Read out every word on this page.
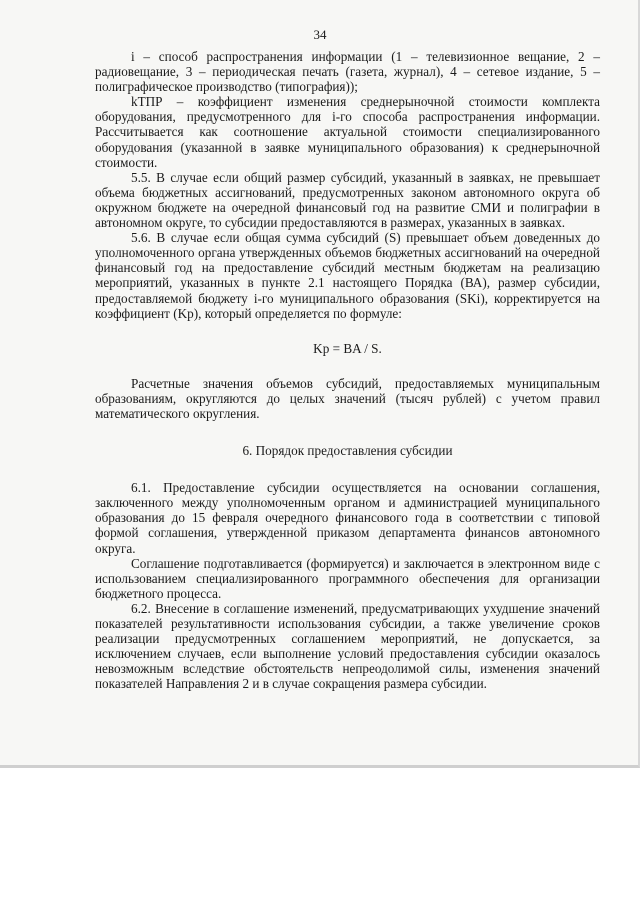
34

i – способ распространения информации (1 – телевизионное вещание, 2 – радиовещание, 3 – периодическая печать (газета, журнал), 4 – сетевое издание, 5 – полиграфическое производство (типография));

kТПР – коэффициент изменения среднерыночной стоимости комплекта оборудования, предусмотренного для i-го способа распространения информации. Рассчитывается как соотношение актуальной стоимости специализированного оборудования (указанной в заявке муниципального образования) к среднерыночной стоимости.

5.5. В случае если общий размер субсидий, указанный в заявках, не превышает объема бюджетных ассигнований, предусмотренных законом автономного округа об окружном бюджете на очередной финансовый год на развитие СМИ и полиграфии в автономном округе, то субсидии предоставляются в размерах, указанных в заявках.

5.6. В случае если общая сумма субсидий (S) превышает объем доведенных до уполномоченного органа утвержденных объемов бюджетных ассигнований на очередной финансовый год на предоставление субсидий местным бюджетам на реализацию мероприятий, указанных в пункте 2.1 настоящего Порядка (ВА), размер субсидии, предоставляемой бюджету i-го муниципального образования (SKi), корректируется на коэффициент (Kр), который определяется по формуле:

Kр = BA / S.

Расчетные значения объемов субсидий, предоставляемых муниципальным образованиям, округляются до целых значений (тысяч рублей) с учетом правил математического округления.

6. Порядок предоставления субсидии

6.1. Предоставление субсидии осуществляется на основании соглашения, заключенного между уполномоченным органом и администрацией муниципального образования до 15 февраля очередного финансового года в соответствии с типовой формой соглашения, утвержденной приказом департамента финансов автономного округа.

Соглашение подготавливается (формируется) и заключается в электронном виде с использованием специализированного программного обеспечения для организации бюджетного процесса.

6.2. Внесение в соглашение изменений, предусматривающих ухудшение значений показателей результативности использования субсидии, а также увеличение сроков реализации предусмотренных соглашением мероприятий, не допускается, за исключением случаев, если выполнение условий предоставления субсидии оказалось невозможным вследствие обстоятельств непреодолимой силы, изменения значений показателей Направления 2 и в случае сокращения размера субсидии.
